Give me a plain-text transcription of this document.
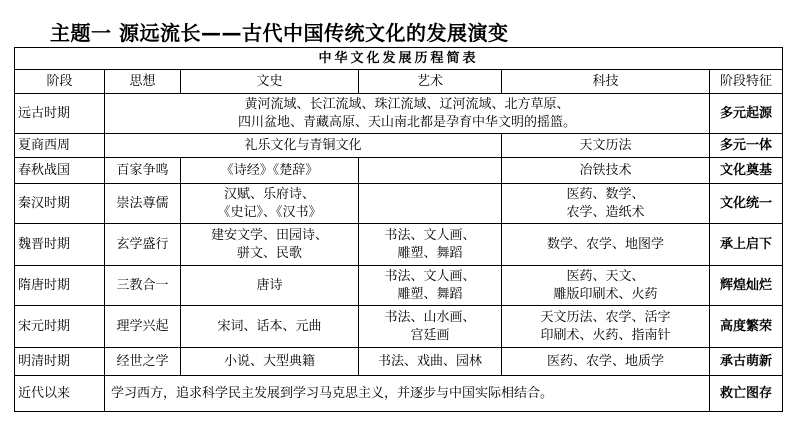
主题一 源远流长——古代中国传统文化的发展演变
中华文化发展历程简表					
阶段	思想	文史	艺术	科技	阶段特征
远古时期	黄河流域、长江流域、珠江流域、辽河流域、北方草原、
四川盆地、青藏高原、天山南北都是孕育中华文明的摇篮。				多元起源
夏商西周	礼乐文化与青铜文化			天文历法	多元一体
春秋战国	百家争鸣	《诗经》《楚辞》		冶铁技术	文化奠基
秦汉时期	崇法尊儒	汉赋、乐府诗、
《史记》、《汉书》		医药、数学、
农学、造纸术	文化统一
魏晋时期	玄学盛行	建安文学、田园诗、
骈文、民歌	书法、文人画、
雕塑、舞蹈	数学、农学、地图学	承上启下
隋唐时期	三教合一	唐诗	书法、文人画、
雕塑、舞蹈	医药、天文、
雕版印刷术、火药	辉煌灿烂
宋元时期	理学兴起	宋词、话本、元曲	书法、山水画、
宫廷画	天文历法、农学、活字
印刷术、火药、指南针	高度繁荣
明清时期	经世之学	小说、大型典籍	书法、戏曲、园林	医药、农学、地质学	承古萌新
近代以来	学习西方，追求科学民主发展到学习马克思主义，并逐步与中国实际相结合。				救亡图存
